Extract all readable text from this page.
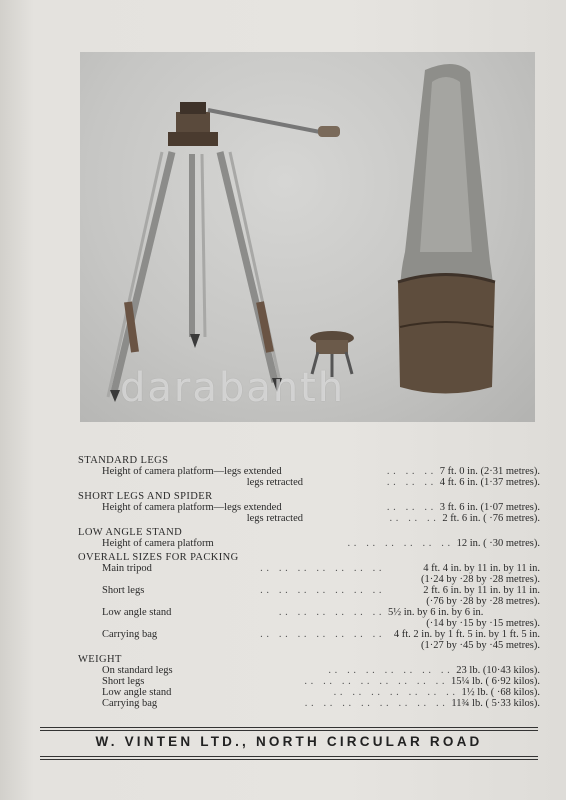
darabanth
STANDARD LEGS
Height of camera platform—legs extended	. .   . .   . . 7 ft. 0 in. (2·31 metres).
legs retracted	. .   . .   . . 4 ft. 6 in. (1·37 metres).
SHORT LEGS AND SPIDER
Height of camera platform—legs extended	. .   . .   . . 3 ft. 6 in. (1·07 metres).
legs retracted	. .   . .   . . 2 ft. 6 in. ( ·76 metres).
LOW ANGLE STAND
Height of camera platform	. .   . .   . .   . .   . .   . . 12 in. ( ·30 metres).
OVERALL SIZES FOR PACKING
Main tripod	. .   . .   . .   . .   . .   . .   . .	4 ft. 4 in. by 11 in. by 11 in.
(1·24 by ·28 by ·28 metres).
Short legs	. .   . .   . .   . .   . .   . .   . .	2 ft. 6 in. by 11 in. by 11 in.
(·76 by ·28 by ·28 metres).
Low angle stand	. .   . .   . .   . .   . .   . . 5½ in. by 6 in. by 6 in.
(·14 by ·15 by ·15 metres).
Carrying bag	. .   . .   . .   . .   . .   . .   . .	4 ft. 2 in. by 1 ft. 5 in. by 1 ft. 5 in.
(1·27 by ·45 by ·45 metres).
WEIGHT
On standard legs	. .   . .   . .   . .   . .   . .   . . 23 lb. (10·43 kilos).
Short legs	. .   . .   . .   . .   . .   . .   . .   . . 15¼ lb. ( 6·92 kilos).
Low angle stand	. .   . .   . .   . .   . .   . .   . . 1½ lb. ( ·68 kilos).
Carrying bag	. .   . .   . .   . .   . .   . .   . .   . . 11¾ lb. ( 5·33 kilos).
W. VINTEN LTD., NORTH CIRCULAR ROAD
